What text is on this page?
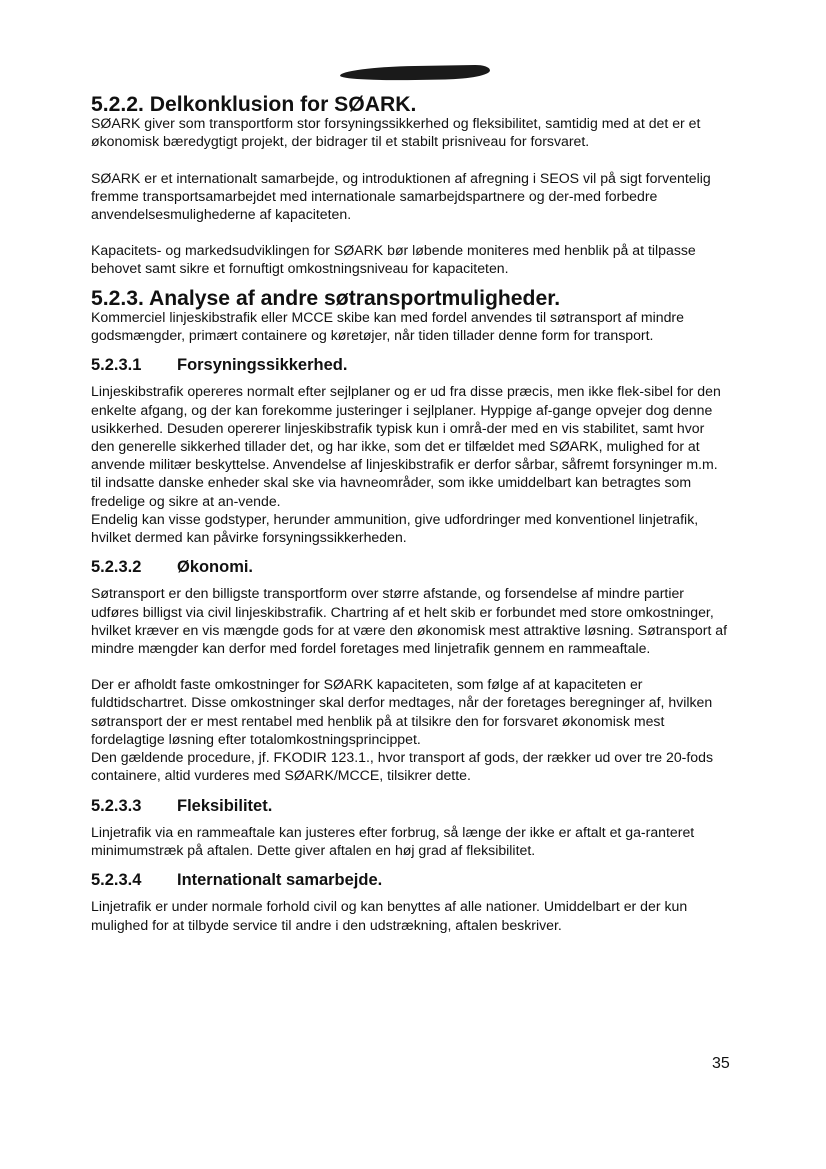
5.2.2. Delkonklusion for SØARK.

SØARK giver som transportform stor forsyningssikkerhed og fleksibilitet, samtidig med at det er et økonomisk bæredygtigt projekt, der bidrager til et stabilt prisniveau for forsvaret.

SØARK er et internationalt samarbejde, og introduktionen af afregning i SEOS vil på sigt forventelig fremme transportsamarbejdet med internationale samarbejdspartnere og der-med forbedre anvendelsesmulighederne af kapaciteten.

Kapacitets- og markedsudviklingen for SØARK bør løbende moniteres med henblik på at tilpasse behovet samt sikre et fornuftigt omkostningsniveau for kapaciteten.

5.2.3. Analyse af andre søtransportmuligheder.

Kommerciel linjeskibstrafik eller MCCE skibe kan med fordel anvendes til søtransport af mindre godsmængder, primært containere og køretøjer, når tiden tillader denne form for transport.

5.2.3.1 Forsyningssikkerhed.

Linjeskibstrafik opereres normalt efter sejlplaner og er ud fra disse præcis, men ikke flek-sibel for den enkelte afgang, og der kan forekomme justeringer i sejlplaner. Hyppige af-gange opvejer dog denne usikkerhed. Desuden opererer linjeskibstrafik typisk kun i områ-der med en vis stabilitet, samt hvor den generelle sikkerhed tillader det, og har ikke, som det er tilfældet med SØARK, mulighed for at anvende militær beskyttelse. Anvendelse af linjeskibstrafik er derfor sårbar, såfremt forsyninger m.m. til indsatte danske enheder skal ske via havneområder, som ikke umiddelbart kan betragtes som fredelige og sikre at an-vende.

Endelig kan visse godstyper, herunder ammunition, give udfordringer med konventionel linjetrafik, hvilket dermed kan påvirke forsyningssikkerheden.

5.2.3.2 Økonomi.

Søtransport er den billigste transportform over større afstande, og forsendelse af mindre partier udføres billigst via civil linjeskibstrafik. Chartring af et helt skib er forbundet med store omkostninger, hvilket kræver en vis mængde gods for at være den økonomisk mest attraktive løsning. Søtransport af mindre mængder kan derfor med fordel foretages med linjetrafik gennem en rammeaftale.

Der er afholdt faste omkostninger for SØARK kapaciteten, som følge af at kapaciteten er fuldtidschartret. Disse omkostninger skal derfor medtages, når der foretages beregninger af, hvilken søtransport der er mest rentabel med henblik på at tilsikre den for forsvaret økonomisk mest fordelagtige løsning efter totalomkostningsprincippet.

Den gældende procedure, jf. FKODIR 123.1., hvor transport af gods, der rækker ud over tre 20-fods containere, altid vurderes med SØARK/MCCE, tilsikrer dette.

5.2.3.3 Fleksibilitet.

Linjetrafik via en rammeaftale kan justeres efter forbrug, så længe der ikke er aftalt et ga-ranteret minimumstræk på aftalen. Dette giver aftalen en høj grad af fleksibilitet.

5.2.3.4 Internationalt samarbejde.

Linjetrafik er under normale forhold civil og kan benyttes af alle nationer. Umiddelbart er der kun mulighed for at tilbyde service til andre i den udstrækning, aftalen beskriver.

35
